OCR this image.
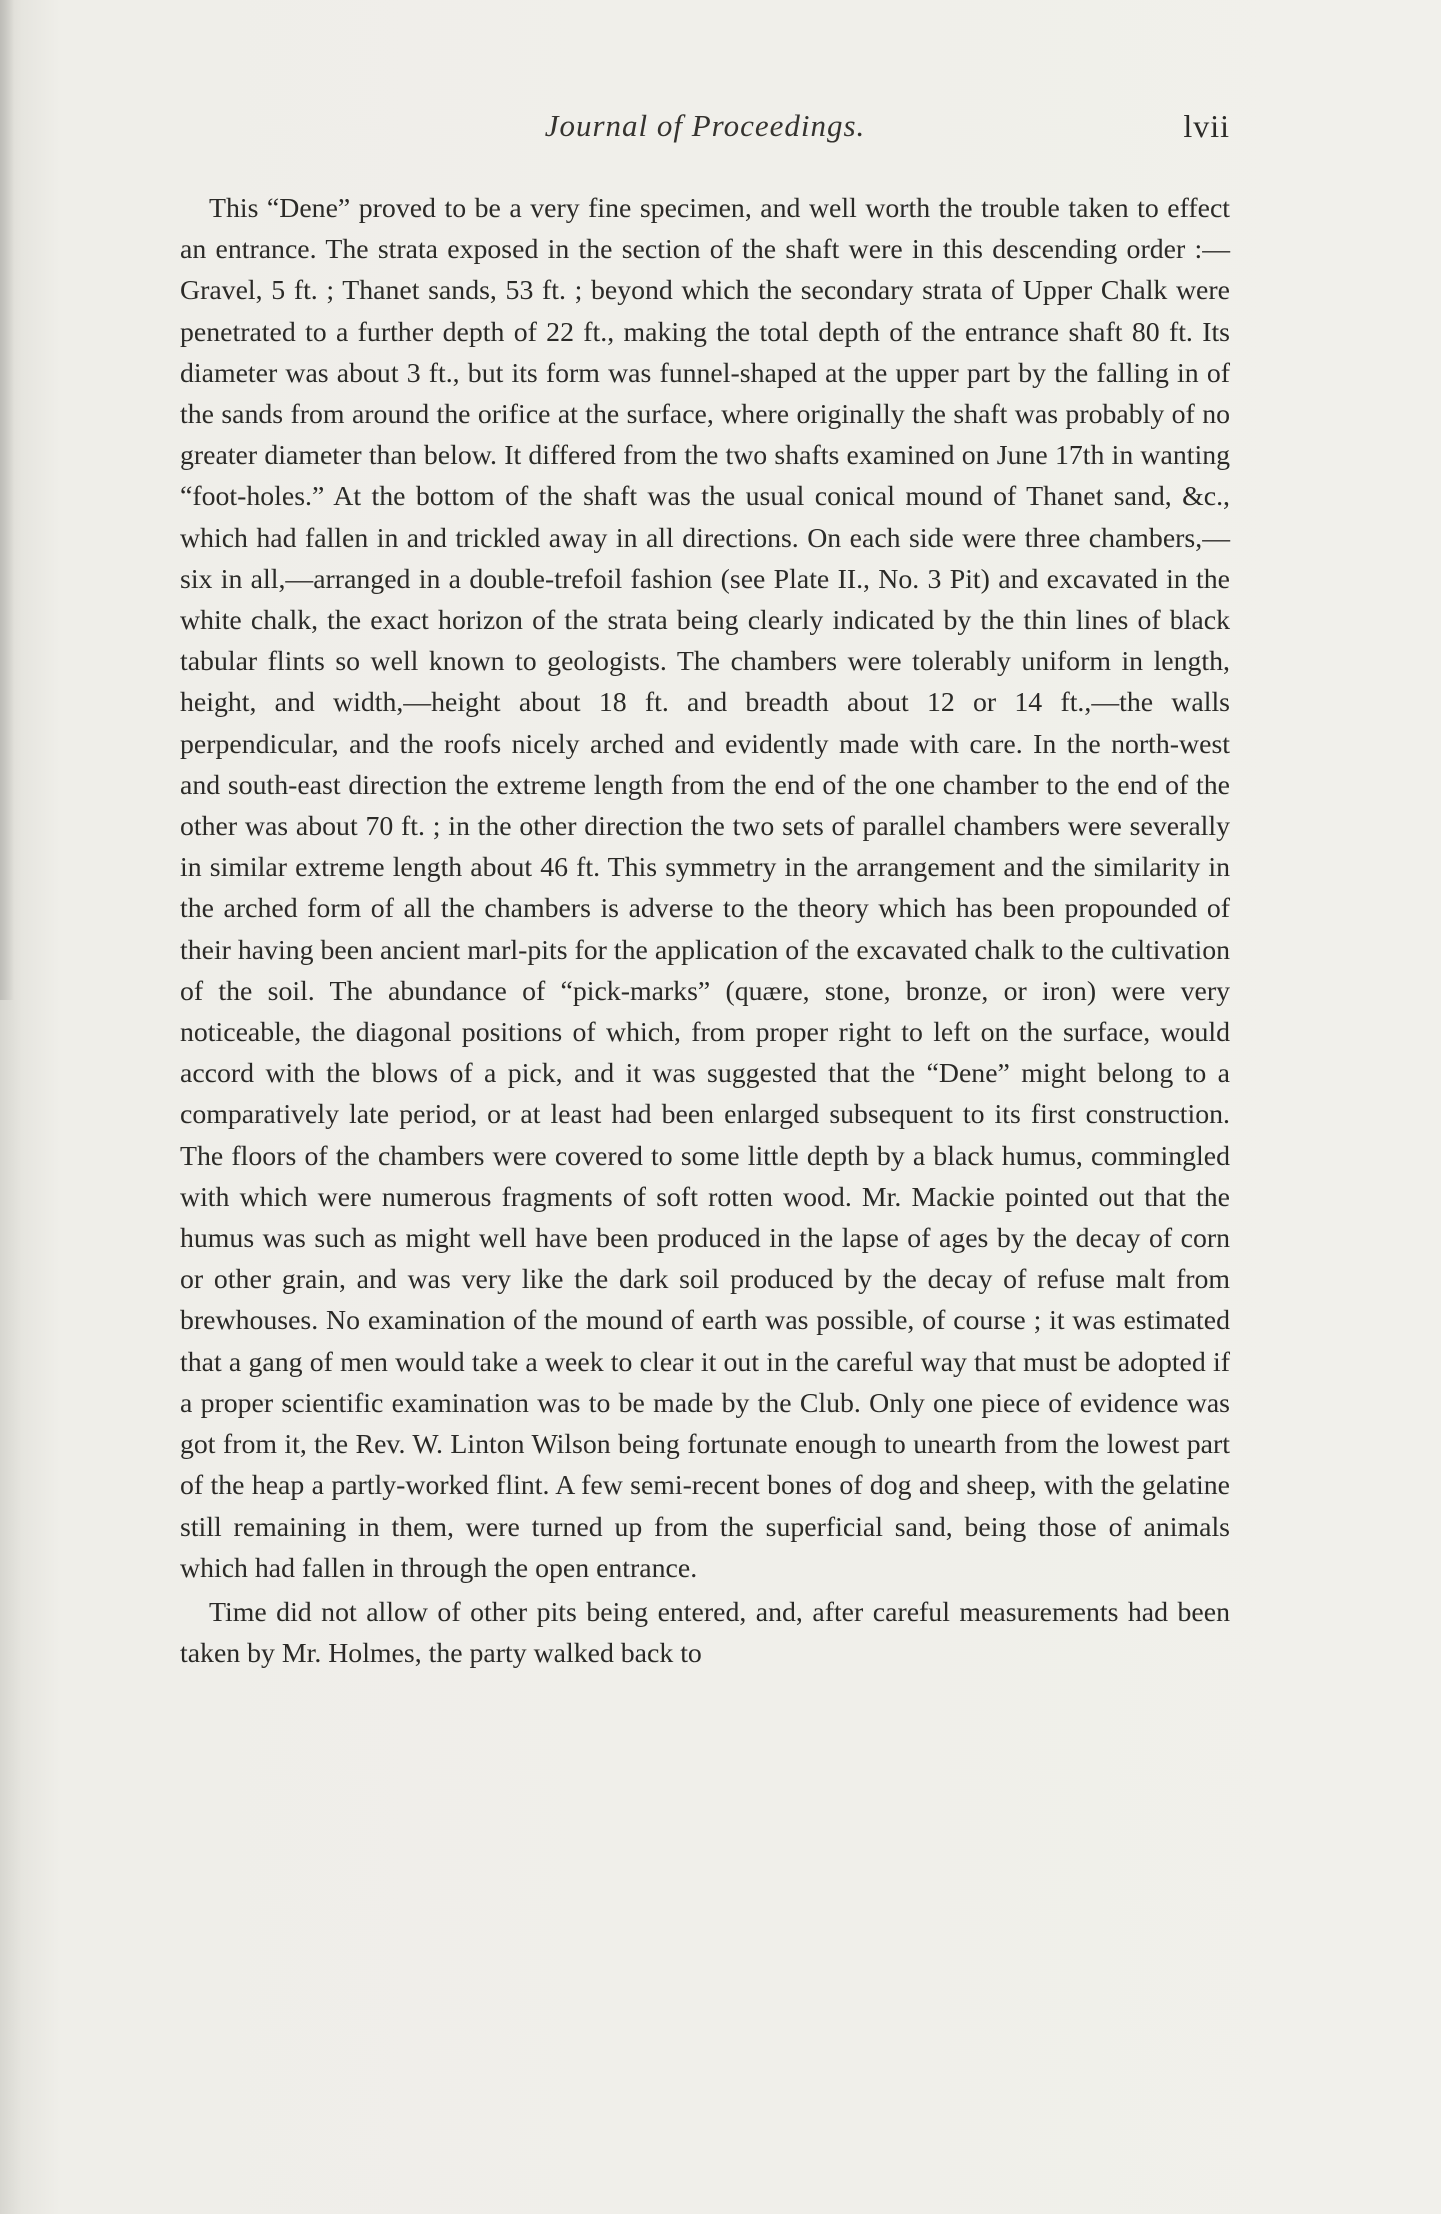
Journal of Proceedings.	lvii

This “Dene” proved to be a very fine specimen, and well worth the trouble taken to effect an entrance. The strata exposed in the section of the shaft were in this descending order :—Gravel, 5 ft. ; Thanet sands, 53 ft. ; beyond which the secondary strata of Upper Chalk were penetrated to a further depth of 22 ft., making the total depth of the entrance shaft 80 ft. Its diameter was about 3 ft., but its form was funnel-shaped at the upper part by the falling in of the sands from around the orifice at the surface, where originally the shaft was probably of no greater diameter than below. It differed from the two shafts examined on June 17th in wanting “foot-holes.” At the bottom of the shaft was the usual conical mound of Thanet sand, &c., which had fallen in and trickled away in all directions. On each side were three chambers,—six in all,—arranged in a double-trefoil fashion (see Plate II., No. 3 Pit) and excavated in the white chalk, the exact horizon of the strata being clearly indicated by the thin lines of black tabular flints so well known to geologists. The chambers were tolerably uniform in length, height, and width,—height about 18 ft. and breadth about 12 or 14 ft.,—the walls perpendicular, and the roofs nicely arched and evidently made with care. In the north-west and south-east direction the extreme length from the end of the one chamber to the end of the other was about 70 ft. ; in the other direction the two sets of parallel chambers were severally in similar extreme length about 46 ft. This symmetry in the arrangement and the similarity in the arched form of all the chambers is adverse to the theory which has been propounded of their having been ancient marl-pits for the application of the excavated chalk to the cultivation of the soil. The abundance of “pick-marks” (quære, stone, bronze, or iron) were very noticeable, the diagonal positions of which, from proper right to left on the surface, would accord with the blows of a pick, and it was suggested that the “Dene” might belong to a comparatively late period, or at least had been enlarged subsequent to its first construction. The floors of the chambers were covered to some little depth by a black humus, commingled with which were numerous fragments of soft rotten wood. Mr. Mackie pointed out that the humus was such as might well have been produced in the lapse of ages by the decay of corn or other grain, and was very like the dark soil produced by the decay of refuse malt from brewhouses. No examination of the mound of earth was possible, of course ; it was estimated that a gang of men would take a week to clear it out in the careful way that must be adopted if a proper scientific examination was to be made by the Club. Only one piece of evidence was got from it, the Rev. W. Linton Wilson being fortunate enough to unearth from the lowest part of the heap a partly-worked flint. A few semi-recent bones of dog and sheep, with the gelatine still remaining in them, were turned up from the superficial sand, being those of animals which had fallen in through the open entrance.

Time did not allow of other pits being entered, and, after careful measurements had been taken by Mr. Holmes, the party walked back to
